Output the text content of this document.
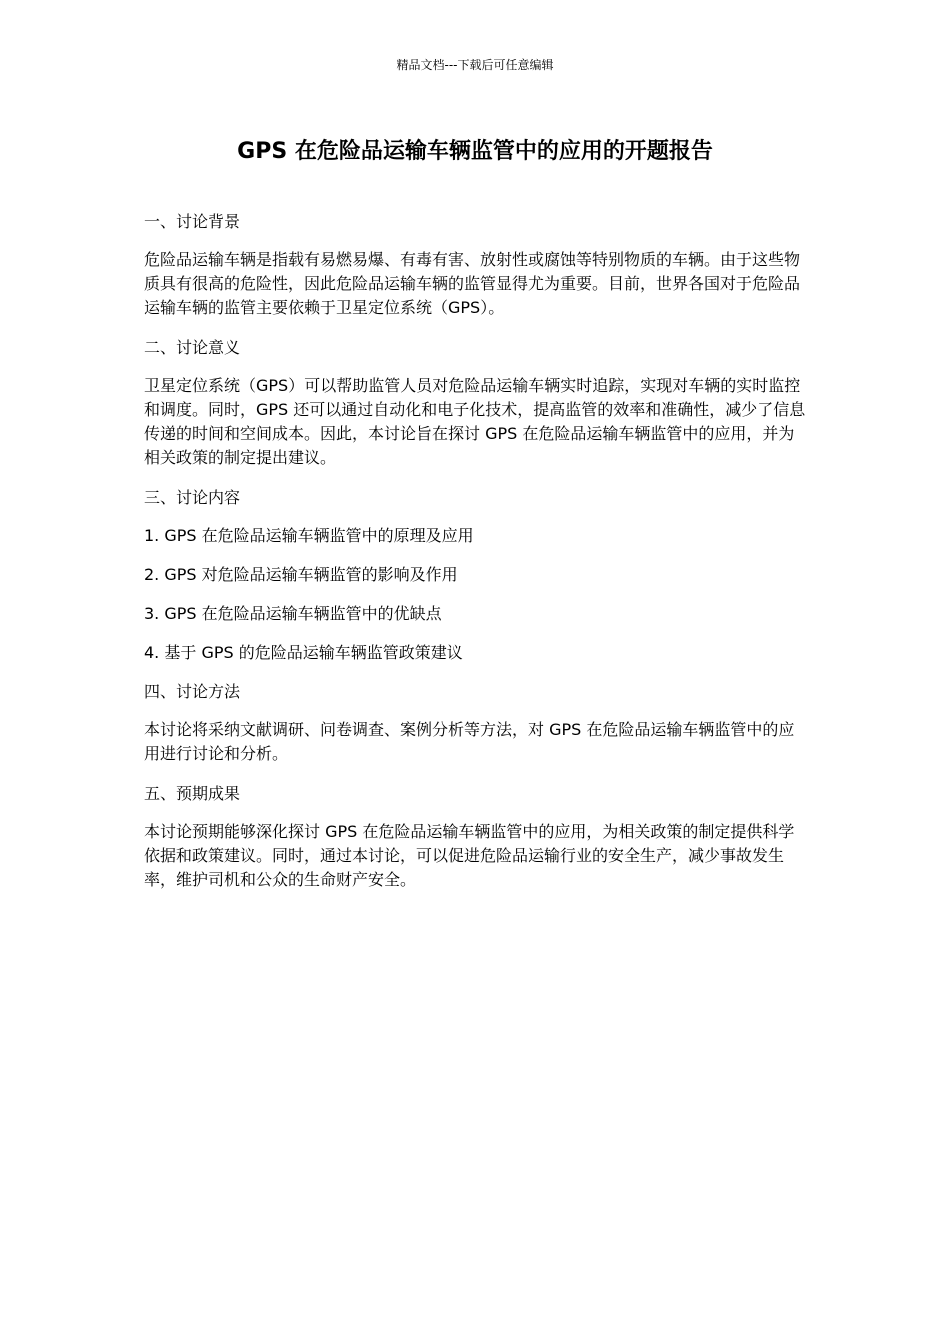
精品文档---下载后可任意编辑
GPS 在危险品运输车辆监管中的应用的开题报告

一、讨论背景

危险品运输车辆是指载有易燃易爆、有毒有害、放射性或腐蚀等特别物质的车辆。由于这些物质具有很高的危险性，因此危险品运输车辆的监管显得尤为重要。目前，世界各国对于危险品运输车辆的监管主要依赖于卫星定位系统（GPS）。

二、讨论意义

卫星定位系统（GPS）可以帮助监管人员对危险品运输车辆实时追踪，实现对车辆的实时监控和调度。同时，GPS 还可以通过自动化和电子化技术，提高监管的效率和准确性，减少了信息传递的时间和空间成本。因此，本讨论旨在探讨 GPS 在危险品运输车辆监管中的应用，并为相关政策的制定提出建议。

三、讨论内容

1. GPS 在危险品运输车辆监管中的原理及应用

2. GPS 对危险品运输车辆监管的影响及作用

3. GPS 在危险品运输车辆监管中的优缺点

4. 基于 GPS 的危险品运输车辆监管政策建议

四、讨论方法

本讨论将采纳文献调研、问卷调查、案例分析等方法，对 GPS 在危险品运输车辆监管中的应用进行讨论和分析。

五、预期成果

本讨论预期能够深化探讨 GPS 在危险品运输车辆监管中的应用，为相关政策的制定提供科学依据和政策建议。同时，通过本讨论，可以促进危险品运输行业的安全生产，减少事故发生率，维护司机和公众的生命财产安全。
